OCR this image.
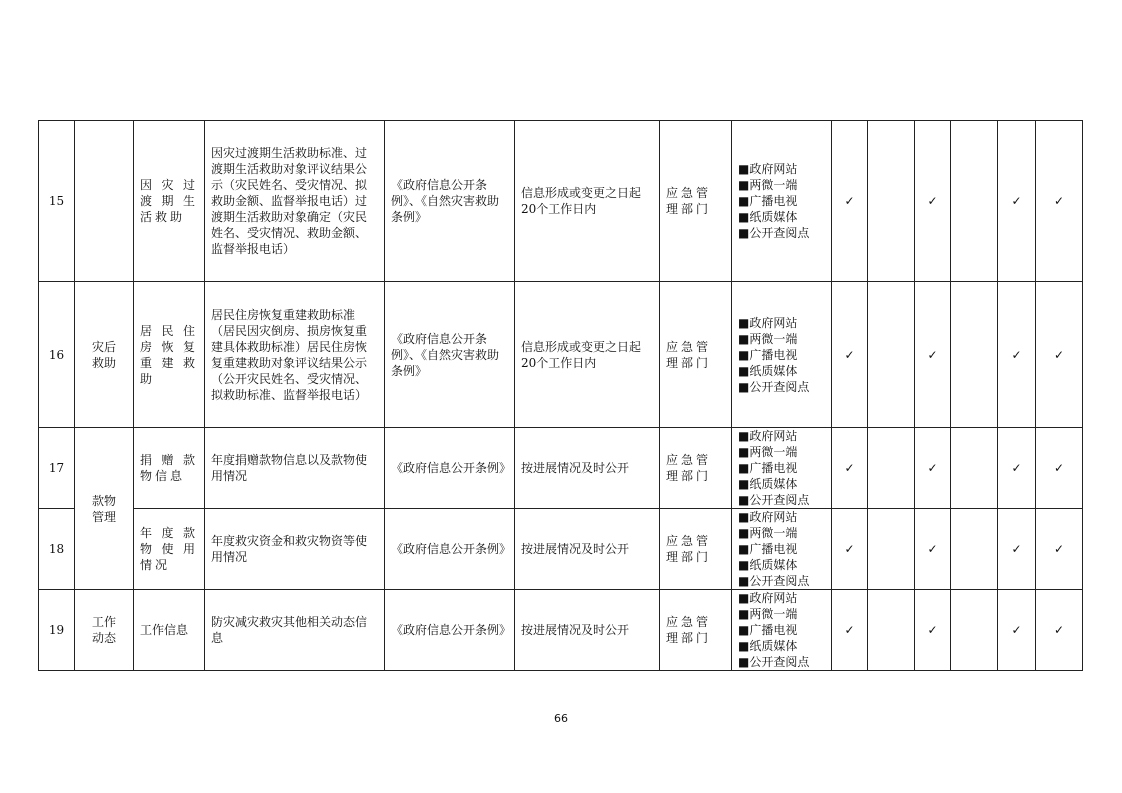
15		因灾过渡期生活救助	因灾过渡期生活救助标准、过渡期生活救助对象评议结果公示（灾民姓名、受灾情况、拟救助金额、监督举报电话）过渡期生活救助对象确定（灾民姓名、受灾情况、救助金额、监督举报电话）	《政府信息公开条例》、《自然灾害救助条例》	信息形成或变更之日起20个工作日内	应急管理部门	■政府网站
■两微一端
■广播电视
■纸质媒体
■公开查阅点	✓		✓		✓	✓
16	灾后救助	居民住房恢复重建救助	居民住房恢复重建救助标准（居民因灾倒房、损房恢复重建具体救助标准）居民住房恢复重建救助对象评议结果公示（公开灾民姓名、受灾情况、拟救助标准、监督举报电话）	《政府信息公开条例》、《自然灾害救助条例》	信息形成或变更之日起20个工作日内	应急管理部门	■政府网站
■两微一端
■广播电视
■纸质媒体
■公开查阅点	✓		✓		✓	✓
17	款物管理	捐赠款物信息	年度捐赠款物信息以及款物使用情况	《政府信息公开条例》	按进展情况及时公开	应急管理部门	■政府网站
■两微一端
■广播电视
■纸质媒体
■公开查阅点	✓		✓		✓	✓
18		年度款物使用情况	年度救灾资金和救灾物资等使用情况	《政府信息公开条例》	按进展情况及时公开	应急管理部门	■政府网站
■两微一端
■广播电视
■纸质媒体
■公开查阅点	✓		✓		✓	✓
19	工作动态	工作信息	防灾减灾救灾其他相关动态信息	《政府信息公开条例》	按进展情况及时公开	应急管理部门	■政府网站
■两微一端
■广播电视
■纸质媒体
■公开查阅点	✓		✓		✓	✓
66
